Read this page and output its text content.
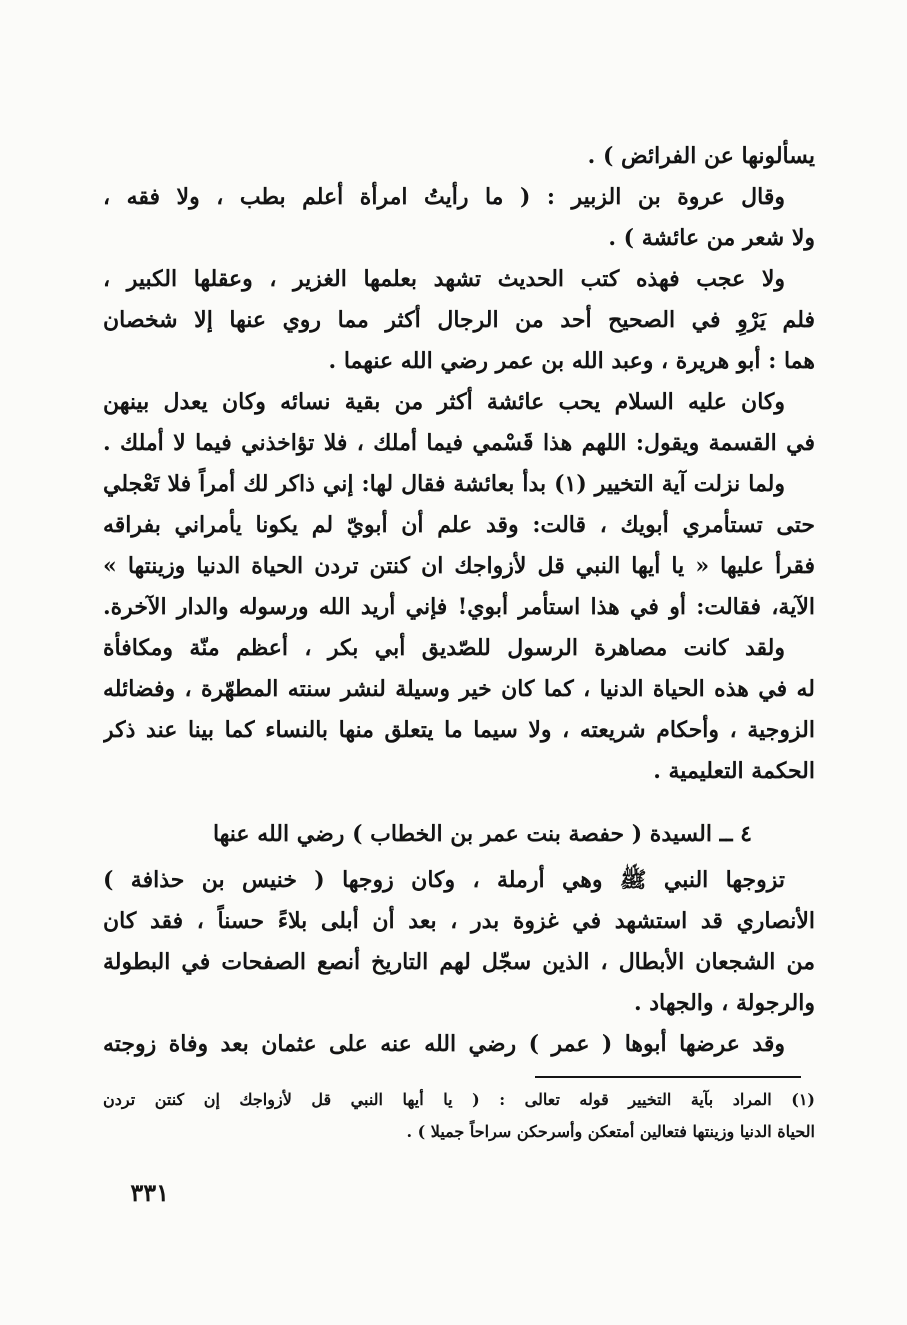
يسألونها عن الفرائض ) .
وقال عروة بن الزبير : ( ما رأيتُ امرأة أعلم بطب ، ولا فقه ،
ولا شعر من عائشة ) .
ولا عجب فهذه كتب الحديث تشهد بعلمها الغزير ، وعقلها الكبير ،
فلم يَرْوِ في الصحيح أحد من الرجال أكثر مما روي عنها إلا شخصان
هما : أبو هريرة ، وعبد الله بن عمر رضي الله عنهما .
وكان عليه السلام يحب عائشة أكثر من بقية نسائه وكان يعدل بينهن
في القسمة ويقول: اللهم هذا قَسْمي فيما أملك ، فلا تؤاخذني فيما لا أملك .
ولما نزلت آية التخيير (١) بدأ بعائشة فقال لها: إني ذاكر لك أمراً فلا تَعْجلي
حتى تستأمري أبويك ، قالت: وقد علم أن أبويّ لم يكونا يأمراني بفراقه
فقرأ عليها « يا أيها النبي قل لأزواجك ان كنتن تردن الحياة الدنيا وزينتها »
الآية، فقالت: أو في هذا استأمر أبوي! فإني أريد الله ورسوله والدار الآخرة.
ولقد كانت مصاهرة الرسول للصّديق أبي بكر ، أعظم منّة ومكافأة
له في هذه الحياة الدنيا ، كما كان خير وسيلة لنشر سنته المطهّرة ، وفضائله
الزوجية ، وأحكام شريعته ، ولا سيما ما يتعلق منها بالنساء كما بينا عند ذكر
الحكمة التعليمية .
٤ ــ السيدة ( حفصة بنت عمر بن الخطاب ) رضي الله عنها
تزوجها النبي ﷺ وهي أرملة ، وكان زوجها ( خنيس بن حذافة )
الأنصاري قد استشهد في غزوة بدر ، بعد أن أبلى بلاءً حسناً ، فقد كان
من الشجعان الأبطال ، الذين سجّل لهم التاريخ أنصع الصفحات في البطولة
والرجولة ، والجهاد .
وقد عرضها أبوها ( عمر ) رضي الله عنه على عثمان بعد وفاة زوجته
(١) المراد بآية التخيير قوله تعالى : ( يا أيها النبي قل لأزواجك إن كنتن تردن
الحياة الدنيا وزينتها فتعالين أمتعكن وأسرحكن سراحاً جميلا ) .
٣٣١
